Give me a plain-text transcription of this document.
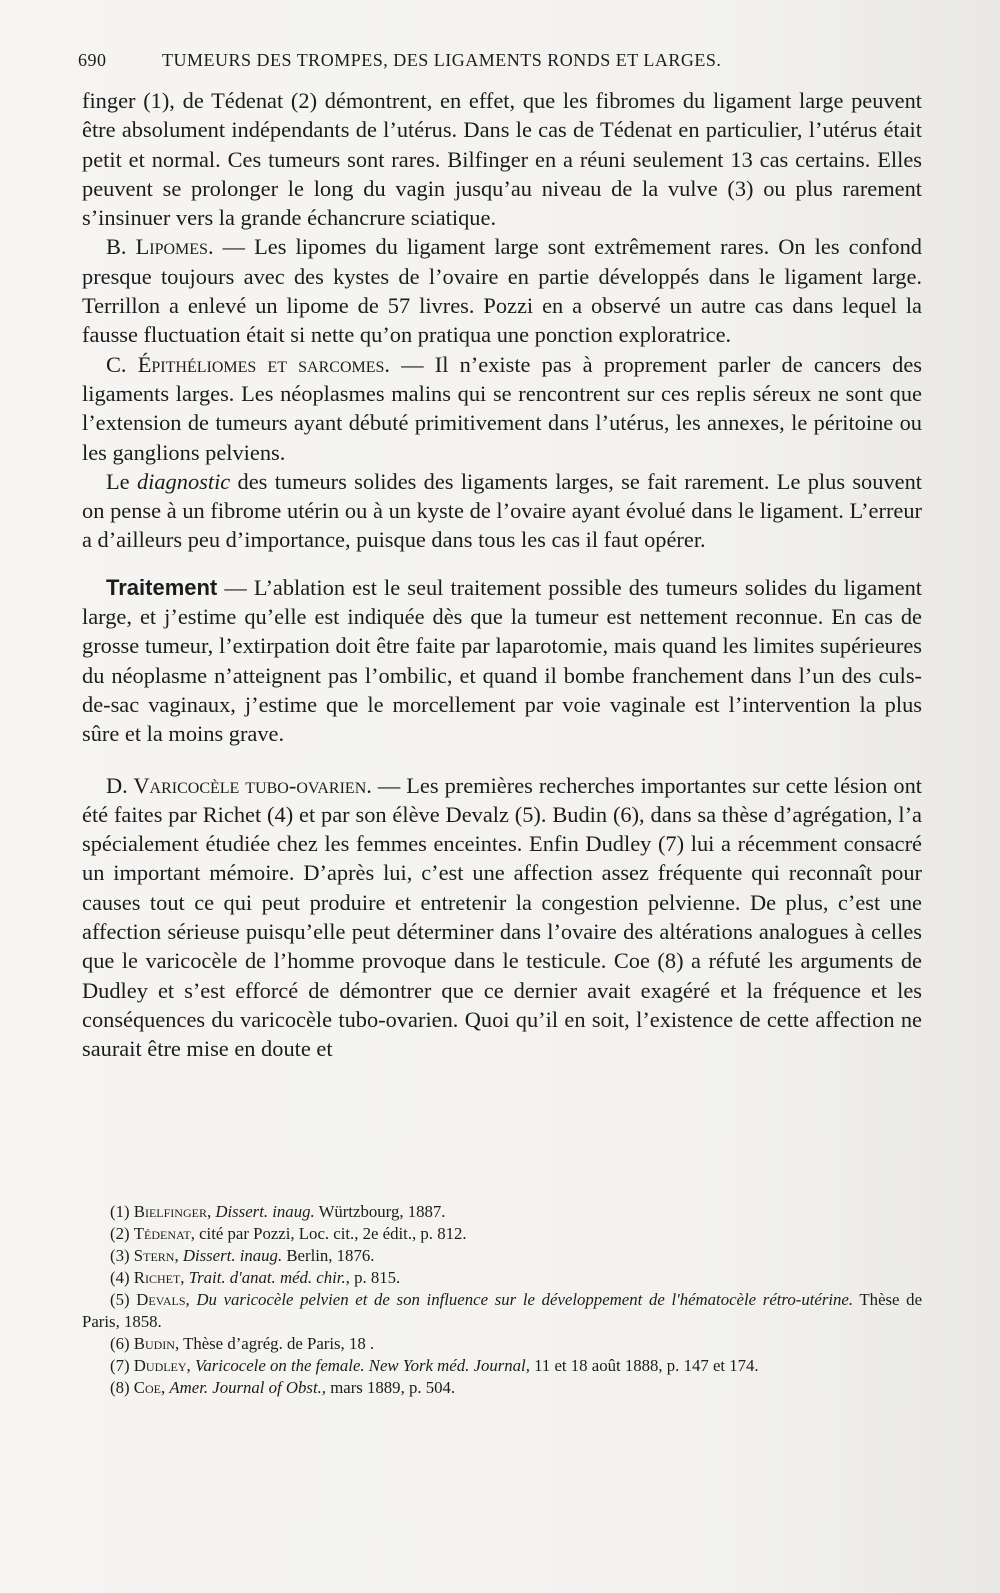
690	TUMEURS DES TROMPES, DES LIGAMENTS RONDS ET LARGES.

finger (1), de Tédenat (2) démontrent, en effet, que les fibromes du ligament large peuvent être absolument indépendants de l’utérus. Dans le cas de Tédenat en particulier, l’utérus était petit et normal. Ces tumeurs sont rares. Bilfinger en a réuni seulement 13 cas certains. Elles peuvent se prolonger le long du vagin jusqu’au niveau de la vulve (3) ou plus rarement s’insinuer vers la grande échancrure sciatique.

B. Lipomes. — Les lipomes du ligament large sont extrêmement rares. On les confond presque toujours avec des kystes de l’ovaire en partie développés dans le ligament large. Terrillon a enlevé un lipome de 57 livres. Pozzi en a observé un autre cas dans lequel la fausse fluctuation était si nette qu’on pratiqua une ponction exploratrice.

C. Épithéliomes et sarcomes. — Il n’existe pas à proprement parler de cancers des ligaments larges. Les néoplasmes malins qui se rencontrent sur ces replis séreux ne sont que l’extension de tumeurs ayant débuté primitivement dans l’utérus, les annexes, le péritoine ou les ganglions pelviens.

Le diagnostic des tumeurs solides des ligaments larges, se fait rarement. Le plus souvent on pense à un fibrome utérin ou à un kyste de l’ovaire ayant évolué dans le ligament. L’erreur a d’ailleurs peu d’importance, puisque dans tous les cas il faut opérer.

Traitement — L’ablation est le seul traitement possible des tumeurs solides du ligament large, et j’estime qu’elle est indiquée dès que la tumeur est nettement reconnue. En cas de grosse tumeur, l’extirpation doit être faite par laparotomie, mais quand les limites supérieures du néoplasme n’atteignent pas l’ombilic, et quand il bombe franchement dans l’un des culs-de-sac vaginaux, j’estime que le morcellement par voie vaginale est l’intervention la plus sûre et la moins grave.

D. Varicocèle tubo-ovarien. — Les premières recherches importantes sur cette lésion ont été faites par Richet (4) et par son élève Devalz (5). Budin (6), dans sa thèse d’agrégation, l’a spécialement étudiée chez les femmes enceintes. Enfin Dudley (7) lui a récemment consacré un important mémoire. D’après lui, c’est une affection assez fréquente qui reconnaît pour causes tout ce qui peut produire et entretenir la congestion pelvienne. De plus, c’est une affection sérieuse puisqu’elle peut déterminer dans l’ovaire des altérations analogues à celles que le varicocèle de l’homme provoque dans le testicule. Coe (8) a réfuté les arguments de Dudley et s’est efforcé de démontrer que ce dernier avait exagéré et la fréquence et les conséquences du varicocèle tubo-ovarien. Quoi qu’il en soit, l’existence de cette affection ne saurait être mise en doute et

(1) Bielfinger, Dissert. inaug. Würtzbourg, 1887.

(2) Tédenat, cité par Pozzi, Loc. cit., 2e édit., p. 812.

(3) Stern, Dissert. inaug. Berlin, 1876.

(4) Richet, Trait. d'anat. méd. chir., p. 815.

(5) Devals, Du varicocèle pelvien et de son influence sur le développement de l'hématocèle rétro-utérine. Thèse de Paris, 1858.

(6) Budin, Thèse d’agrég. de Paris, 18 .

(7) Dudley, Varicocele on the female. New York méd. Journal, 11 et 18 août 1888, p. 147 et 174.

(8) Coe, Amer. Journal of Obst., mars 1889, p. 504.
